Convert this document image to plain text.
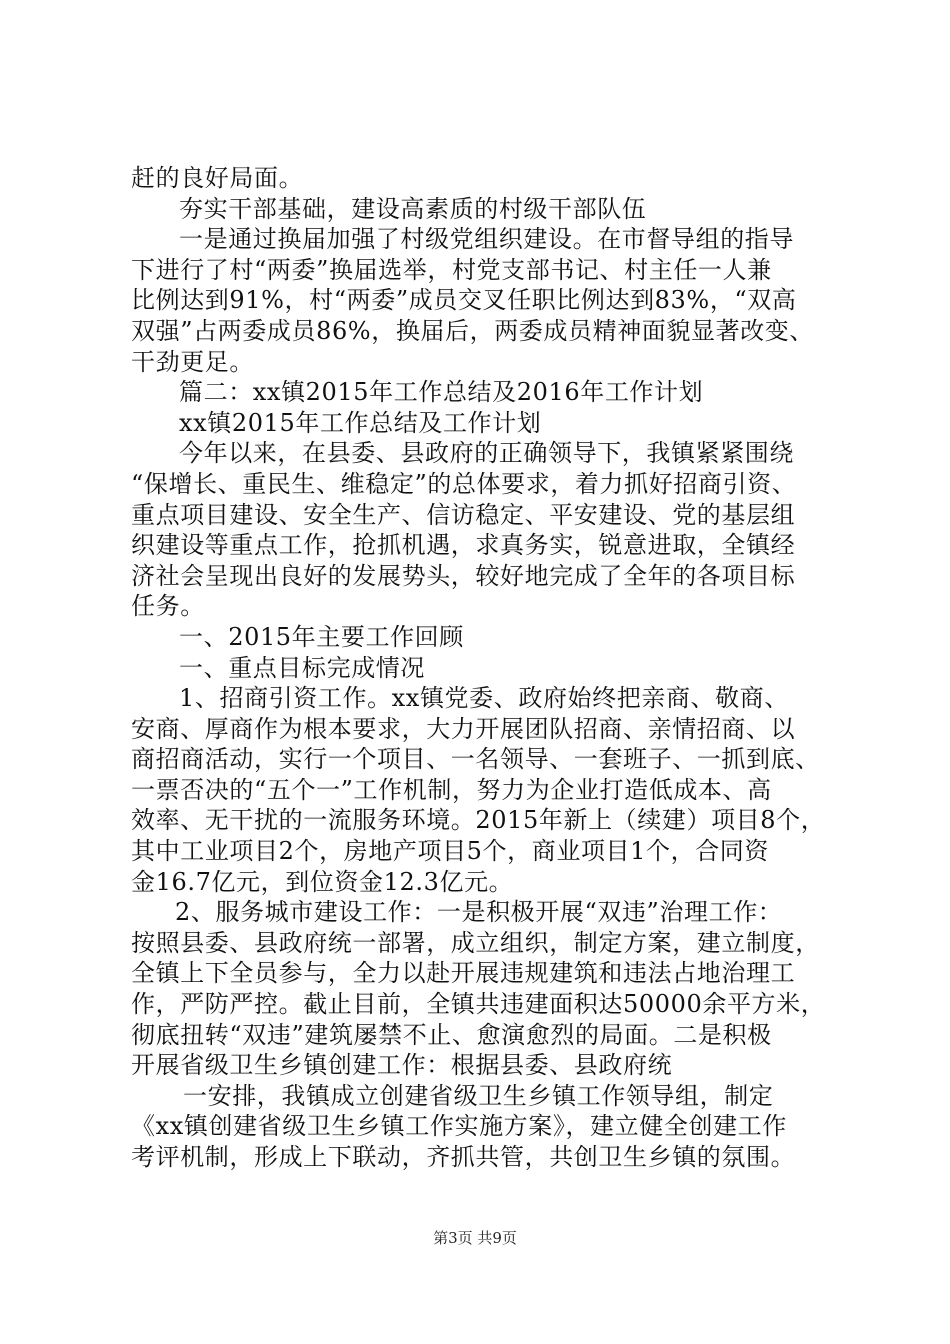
赶的良好局面。
夯实干部基础，建设高素质的村级干部队伍
一是通过换届加强了村级党组织建设。在市督导组的指导
下进行了村“两委”换届选举，村党支部书记、村主任一人兼
比例达到91%，村“两委”成员交叉任职比例达到83%，“双高
双强”占两委成员86%，换届后，两委成员精神面貌显著改变、
干劲更足。
篇二：xx镇2015年工作总结及2016年工作计划
xx镇2015年工作总结及工作计划
今年以来，在县委、县政府的正确领导下，我镇紧紧围绕
“保增长、重民生、维稳定”的总体要求，着力抓好招商引资、
重点项目建设、安全生产、信访稳定、平安建设、党的基层组
织建设等重点工作，抢抓机遇，求真务实，锐意进取，全镇经
济社会呈现出良好的发展势头，较好地完成了全年的各项目标
任务。
一、2015年主要工作回顾
一、重点目标完成情况
1、招商引资工作。xx镇党委、政府始终把亲商、敬商、
安商、厚商作为根本要求，大力开展团队招商、亲情招商、以
商招商活动，实行一个项目、一名领导、一套班子、一抓到底、
一票否决的“五个一”工作机制，努力为企业打造低成本、高
效率、无干扰的一流服务环境。2015年新上（续建）项目8个，
其中工业项目2个，房地产项目5个，商业项目1个，合同资
金16.7亿元，到位资金12.3亿元。
2、服务城市建设工作：一是积极开展“双违”治理工作：
按照县委、县政府统一部署，成立组织，制定方案，建立制度，
全镇上下全员参与，全力以赴开展违规建筑和违法占地治理工
作，严防严控。截止目前，全镇共违建面积达50000余平方米，
彻底扭转“双违”建筑屡禁不止、愈演愈烈的局面。二是积极
开展省级卫生乡镇创建工作：根据县委、县政府统
一安排，我镇成立创建省级卫生乡镇工作领导组，制定
《xx镇创建省级卫生乡镇工作实施方案》，建立健全创建工作
考评机制，形成上下联动，齐抓共管，共创卫生乡镇的氛围。
第3页 共9页
